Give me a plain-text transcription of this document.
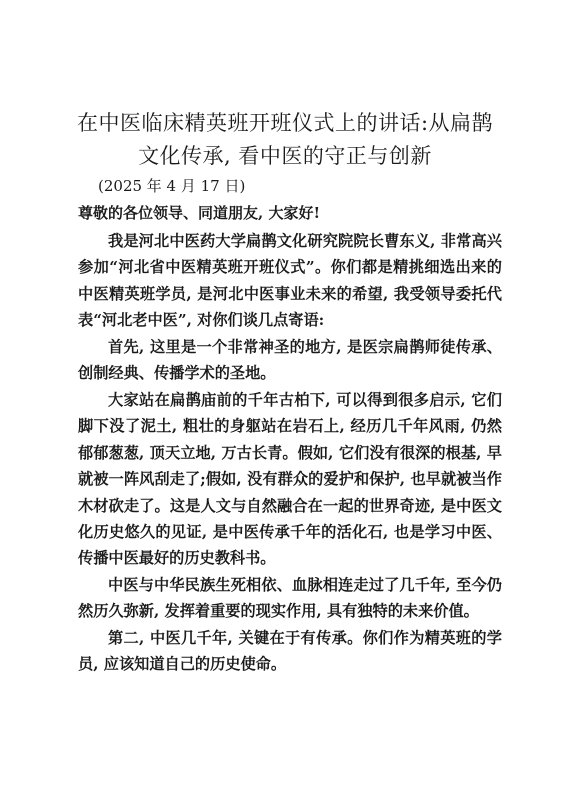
在中医临床精英班开班仪式上的讲话:从扁鹊
文化传承, 看中医的守正与创新
(2025 年 4 月 17 日)
尊敬的各位领导、同道朋友, 大家好!

我是河北中医药大学扁鹊文化研究院院长曹东义, 非常高兴参加“河北省中医精英班开班仪式”。你们都是精挑细选出来的中医精英班学员, 是河北中医事业未来的希望, 我受领导委托代表“河北老中医”, 对你们谈几点寄语:

首先, 这里是一个非常神圣的地方, 是医宗扁鹊师徒传承、创制经典、传播学术的圣地。

大家站在扁鹊庙前的千年古柏下, 可以得到很多启示, 它们脚下没了泥土, 粗壮的身躯站在岩石上, 经历几千年风雨, 仍然郁郁葱葱, 顶天立地, 万古长青。假如, 它们没有很深的根基, 早就被一阵风刮走了;假如, 没有群众的爱护和保护, 也早就被当作木材砍走了。这是人文与自然融合在一起的世界奇迹, 是中医文化历史悠久的见证, 是中医传承千年的活化石, 也是学习中医、传播中医最好的历史教科书。

中医与中华民族生死相依、血脉相连走过了几千年, 至今仍然历久弥新, 发挥着重要的现实作用, 具有独特的未来价值。

第二, 中医几千年, 关键在于有传承。你们作为精英班的学员, 应该知道自己的历史使命。
